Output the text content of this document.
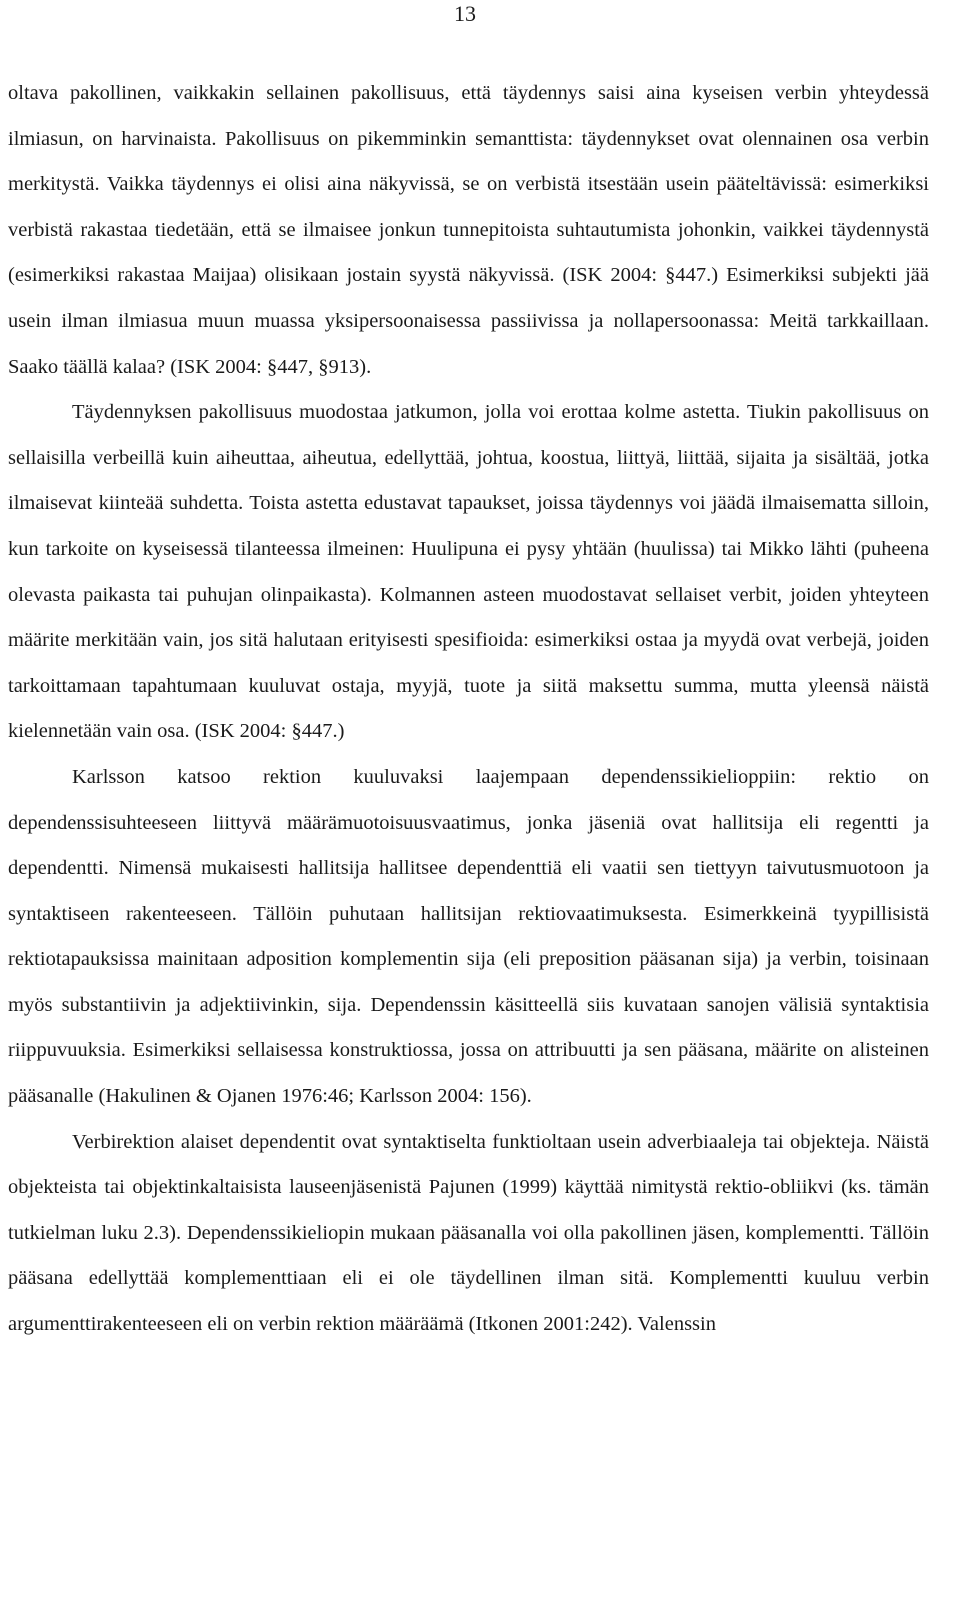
13

oltava pakollinen, vaikkakin sellainen pakollisuus, että täydennys saisi aina kyseisen verbin yhteydessä ilmiasun, on harvinaista. Pakollisuus on pikemminkin semanttista: täydennykset ovat olennainen osa verbin merkitystä. Vaikka täydennys ei olisi aina näkyvissä, se on verbistä itsestään usein pääteltävissä: esimerkiksi verbistä rakastaa tiedetään, että se ilmaisee jonkun tunnepitoista suhtautumista johonkin, vaikkei täydennystä (esimerkiksi rakastaa Maijaa) olisikaan jostain syystä näkyvissä. (ISK 2004: §447.) Esimerkiksi subjekti jää usein ilman ilmiasua muun muassa yksipersoonaisessa passiivissa ja nollapersoonassa: Meitä tarkkaillaan. Saako täällä kalaa? (ISK 2004: §447, §913).

Täydennyksen pakollisuus muodostaa jatkumon, jolla voi erottaa kolme astetta. Tiukin pakollisuus on sellaisilla verbeillä kuin aiheuttaa, aiheutua, edellyttää, johtua, koostua, liittyä, liittää, sijaita ja sisältää, jotka ilmaisevat kiinteää suhdetta. Toista astetta edustavat tapaukset, joissa täydennys voi jäädä ilmaisematta silloin, kun tarkoite on kyseisessä tilanteessa ilmeinen: Huulipuna ei pysy yhtään (huulissa) tai Mikko lähti (puheena olevasta paikasta tai puhujan olinpaikasta). Kolmannen asteen muodostavat sellaiset verbit, joiden yhteyteen määrite merkitään vain, jos sitä halutaan erityisesti spesifioida: esimerkiksi ostaa ja myydä ovat verbejä, joiden tarkoittamaan tapahtumaan kuuluvat ostaja, myyjä, tuote ja siitä maksettu summa, mutta yleensä näistä kielennetään vain osa. (ISK 2004: §447.)

Karlsson katsoo rektion kuuluvaksi laajempaan dependenssikielioppiin: rektio on dependenssisuhteeseen liittyvä määrämuotoisuusvaatimus, jonka jäseniä ovat hallitsija eli regentti ja dependentti. Nimensä mukaisesti hallitsija hallitsee dependenttiä eli vaatii sen tiettyyn taivutusmuotoon ja syntaktiseen rakenteeseen. Tällöin puhutaan hallitsijan rektiovaatimuksesta. Esimerkkeinä tyypillisistä rektiotapauksissa mainitaan adposition komplementin sija (eli preposition pääsanan sija) ja verbin, toisinaan myös substantiivin ja adjektiivinkin, sija. Dependenssin käsitteellä siis kuvataan sanojen välisiä syntaktisia riippuvuuksia. Esimerkiksi sellaisessa konstruktiossa, jossa on attribuutti ja sen pääsana, määrite on alisteinen pääsanalle (Hakulinen & Ojanen 1976:46; Karlsson 2004: 156).

Verbirektion alaiset dependentit ovat syntaktiselta funktioltaan usein adverbiaaleja tai objekteja. Näistä objekteista tai objektinkaltaisista lauseenjäsenistä Pajunen (1999) käyttää nimitystä rektio-obliikvi (ks. tämän tutkielman luku 2.3). Dependenssikieliopin mukaan pääsanalla voi olla pakollinen jäsen, komplementti. Tällöin pääsana edellyttää komplementtiaan eli ei ole täydellinen ilman sitä. Komplementti kuuluu verbin argumenttirakenteeseen eli on verbin rektion määräämä (Itkonen 2001:242). Valenssin
